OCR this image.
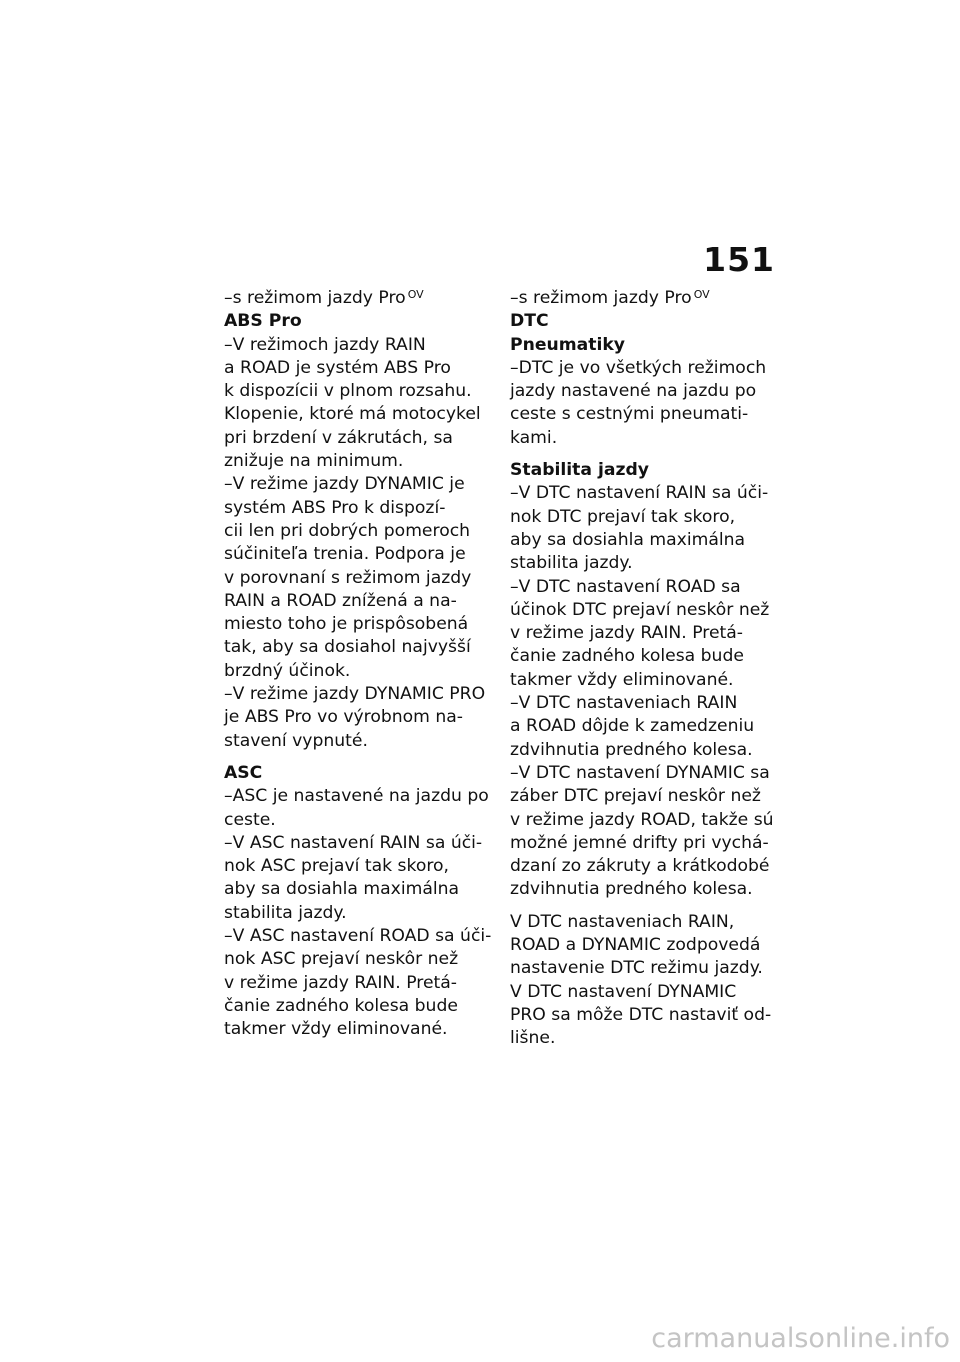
151
–s režimom jazdy Pro $^{OV}$
ABS Pro
–V režimoch jazdy RAIN
a ROAD je systém ABS Pro
k dispozícii v plnom rozsahu.
Klopenie, ktoré má motocykel
pri brzdení v zákrutách, sa
znižuje na minimum.
–V režime jazdy DYNAMIC je
systém ABS Pro k dispozí-
cii len pri dobrých pomeroch
súčiniteľa trenia. Podpora je
v porovnaní s režimom jazdy
RAIN a ROAD znížená a na-
miesto toho je prispôsobená
tak, aby sa dosiahol najvyšší
brzdný účinok.
–V režime jazdy DYNAMIC PRO
je ABS Pro vo výrobnom na-
stavení vypnuté.
ASC
–ASC je nastavené na jazdu po
ceste.
–V ASC nastavení RAIN sa úči-
nok ASC prejaví tak skoro,
aby sa dosiahla maximálna
stabilita jazdy.
–V ASC nastavení ROAD sa úči-
nok ASC prejaví neskôr než
v režime jazdy RAIN. Pretá-
čanie zadného kolesa bude
takmer vždy eliminované.
–s režimom jazdy Pro $^{OV}$
DTC
Pneumatiky
–DTC je vo všetkých režimoch
jazdy nastavené na jazdu po
ceste s cestnými pneumati-
kami.
Stabilita jazdy
–V DTC nastavení RAIN sa úči-
nok DTC prejaví tak skoro,
aby sa dosiahla maximálna
stabilita jazdy.
–V DTC nastavení ROAD sa
účinok DTC prejaví neskôr než
v režime jazdy RAIN. Pretá-
čanie zadného kolesa bude
takmer vždy eliminované.
–V DTC nastaveniach RAIN
a ROAD dôjde k zamedzeniu
zdvihnutia predného kolesa.
–V DTC nastavení DYNAMIC sa
záber DTC prejaví neskôr než
v režime jazdy ROAD, takže sú
možné jemné drifty pri vychá-
dzaní zo zákruty a krátkodobé
zdvihnutia predného kolesa.
V DTC nastaveniach RAIN,
ROAD a DYNAMIC zodpovedá
nastavenie DTC režimu jazdy.
V DTC nastavení DYNAMIC
PRO sa môže DTC nastaviť od-
lišne.
carmanualsonline.info
